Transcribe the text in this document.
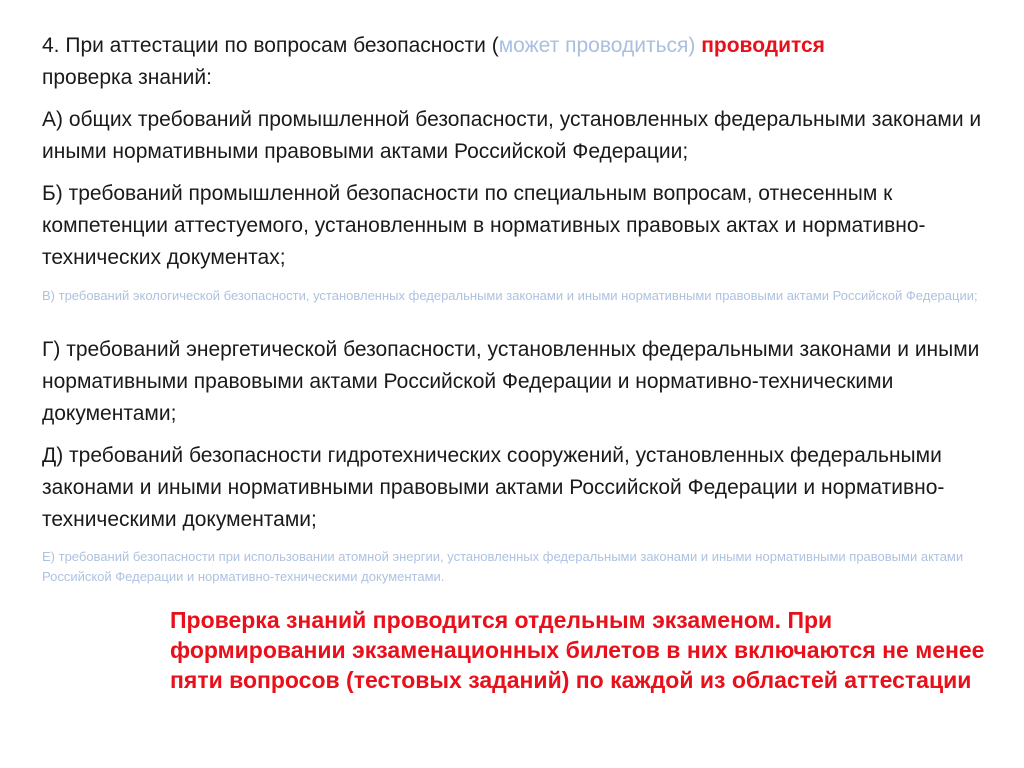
4. При аттестации по вопросам безопасности (может проводиться) проводится
проверка знаний:

А) общих требований промышленной безопасности, установленных федеральными законами и иными нормативными правовыми актами Российской Федерации;

Б) требований промышленной безопасности по специальным вопросам, отнесенным к компетенции аттестуемого, установленным в нормативных правовых актах и нормативно-технических документах;

В) требований экологической безопасности, установленных федеральными законами и иными нормативными правовыми актами Российской Федерации;

Г) требований энергетической безопасности, установленных федеральными законами и иными нормативными правовыми актами Российской Федерации и нормативно-техническими документами;

Д) требований безопасности гидротехнических сооружений, установленных федеральными законами и иными нормативными правовыми актами Российской Федерации и нормативно-техническими документами;

Е) требований безопасности при использовании атомной энергии, установленных федеральными законами и иными нормативными правовыми актами Российской Федерации и нормативно-техническими документами.

Проверка знаний проводится отдельным экзаменом. При формировании экзаменационных билетов в них включаются не менее пяти вопросов (тестовых заданий) по каждой из областей аттестации
